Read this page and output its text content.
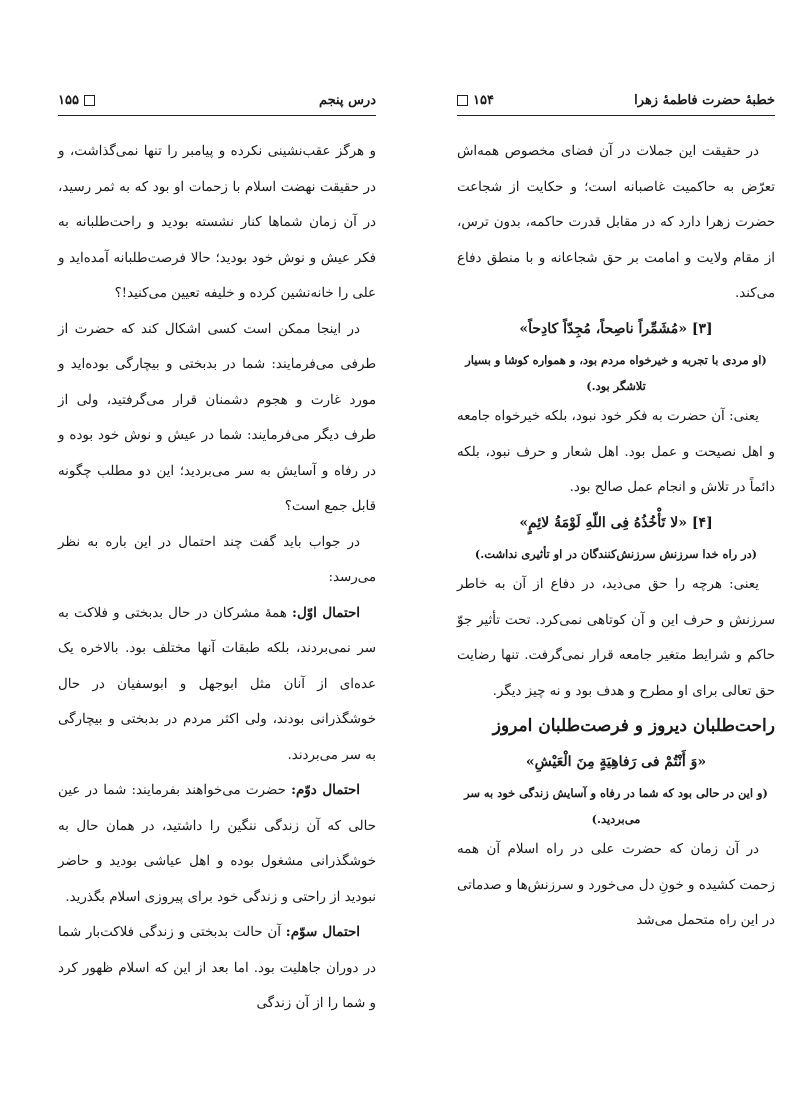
خطبهٔ حضرت فاطمهٔ زهرا
۱۵۴

در حقیقت این جملات در آن فضای مخصوص همه‌اش تعرّض به حاکمیت غاصبانه است؛ و حکایت از شجاعت حضرت زهرا دارد که در مقابل قدرت حاکمه، بدون ترس، از مقام ولایت و امامت بر حق شجاعانه و با منطق دفاع می‌کند.

[۳] «مُشَمِّراً ناصِحاً، مُجِدّاً کادِحاً»

(او مردی با تجربه و خیرخواه مردم بود، و همواره کوشا و بسیار تلاشگر بود.)

یعنی: آن حضرت به فکر خود نبود، بلکه خیرخواه جامعه و اهل نصیحت و عمل بود. اهل شعار و حرف نبود، بلکه دائماً در تلاش و انجام عمل صالح بود.

[۴] «لا تَأْخُذُهُ فِی اللّهِ لَوْمَةُ لائِمٍ»

(در راه خدا سرزنش سرزنش‌کنندگان در او تأثیری نداشت.)

یعنی: هرچه را حق می‌دید، در دفاع از آن به خاطر سرزنش و حرف این و آن کوتاهی نمی‌کرد. تحت تأثیر جوّ حاکم و شرایط متغیر جامعه قرار نمی‌گرفت. تنها رضایت حق تعالی برای او مطرح و هدف بود و نه چیز دیگر.

راحت‌طلبان دیروز و فرصت‌طلبان امروز

«وَ أَنْتُمْ فی رَفاهِیَةٍ مِنَ الْعَیْشِ»

(و این در حالی بود که شما در رفاه و آسایش زندگی خود به سر می‌بردید.)

در آن زمان که حضرت علی در راه اسلام آن همه زحمت کشیده و خونِ دل می‌خورد و سرزنش‌ها و صدماتی در این راه متحمل می‌شد

درس پنجم
۱۵۵

و هرگز عقب‌نشینی نکرده و پیامبر را تنها نمی‌گذاشت، و در حقیقت نهضت اسلام با زحمات او بود که به ثمر رسید، در آن زمان شماها کنار نشسته بودید و راحت‌طلبانه به فکر عیش و نوش خود بودید؛ حالا فرصت‌طلبانه آمده‌اید و علی را خانه‌نشین کرده و خلیفه تعیین می‌کنید!؟

در اینجا ممکن است کسی اشکال کند که حضرت از طرفی می‌فرمایند: شما در بدبختی و بیچارگی بوده‌اید و مورد غارت و هجوم دشمنان قرار می‌گرفتید، ولی از طرف دیگر می‌فرمایند: شما در عیش و نوش خود بوده و در رفاه و آسایش به سر می‌بردید؛ این دو مطلب چگونه قابل جمع است؟

در جواب باید گفت چند احتمال در این باره به نظر می‌رسد:

احتمال اوّل: همهٔ مشرکان در حال بدبختی و فلاکت به سر نمی‌بردند، بلکه طبقات آنها مختلف بود. بالاخره یک عده‌ای از آنان مثل ابوجهل و ابوسفیان در حال خوشگذرانی بودند، ولی اکثر مردم در بدبختی و بیچارگی به سر می‌بردند.

احتمال دوّم: حضرت می‌خواهند بفرمایند: شما در عین حالی که آن زندگی ننگین را داشتید، در همان حال به خوشگذرانی مشغول بوده و اهل عیاشی بودید و حاضر نبودید از راحتی و زندگی خود برای پیروزی اسلام بگذرید.

احتمال سوّم: آن حالت بدبختی و زندگی فلاکت‌بار شما در دوران جاهلیت بود. اما بعد از این که اسلام ظهور کرد و شما را از آن زندگی
